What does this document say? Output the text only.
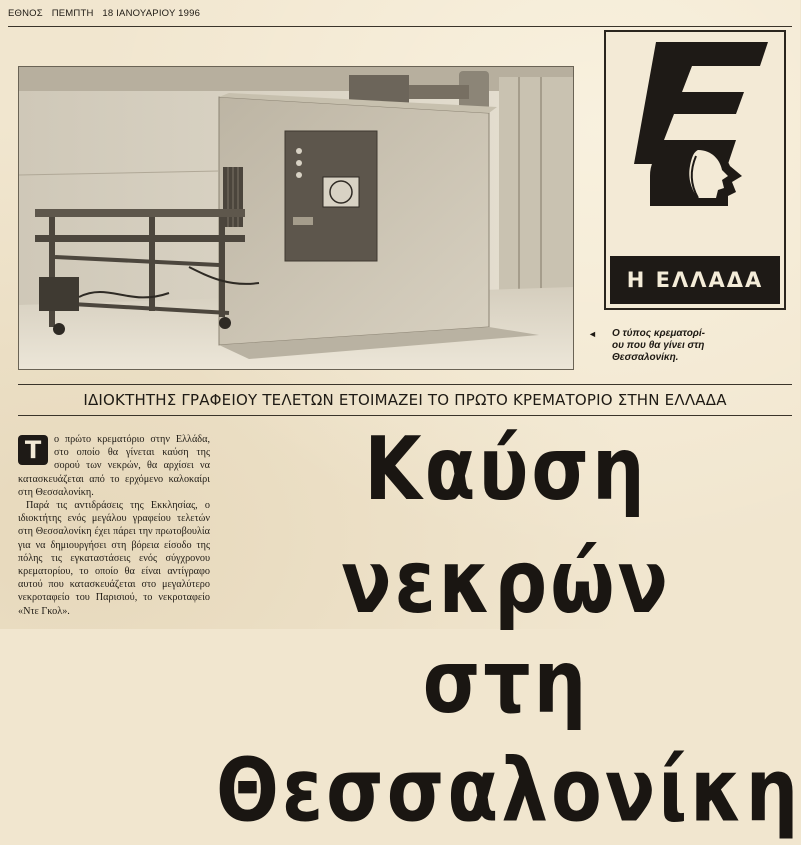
ΕΘΝΟΣ ΠΕΜΠΤΗ 18 ΙΑΝΟΥΑΡΙΟΥ 1996
Η ΕΛΛΑΔΑ
◄ Ο τύπος κρεματορί-
ου που θα γίνει στη
Θεσσαλονίκη.
ΙΔΙΟΚΤΗΤΗΣ ΓΡΑΦΕΙΟΥ ΤΕΛΕΤΩΝ ΕΤΟΙΜΑΖΕΙ ΤΟ ΠΡΩΤΟ ΚΡΕΜΑΤΟΡΙΟ ΣΤΗΝ ΕΛΛΑΔΑ
Τ	ο πρώτο κρεματόριο στην Ελλάδα, στο οποίο θα γίνεται καύση της σορού των νεκρών, θα αρχίσει να κατασκευάζεται από το ερχόμενο καλοκαίρι στη Θεσσαλονίκη.

Παρά τις αντιδράσεις της Εκκλησίας, ο ιδιοκτήτης ενός μεγάλου γραφείου τελετών στη Θεσσαλονίκη έχει πάρει την πρωτοβουλία για να δημιουργήσει στη βόρεια είσοδο της πόλης τις εγκαταστάσεις ενός σύγχρονου κρεματορίου, το οποίο θα είναι αντίγραφο αυτού που κατασκευάζεται στο μεγαλύτερο νεκροταφείο του Παρισιού, το νεκροταφείο «Ντε Γκολ».

Καύση νεκρών
στη Θεσσαλονίκη
